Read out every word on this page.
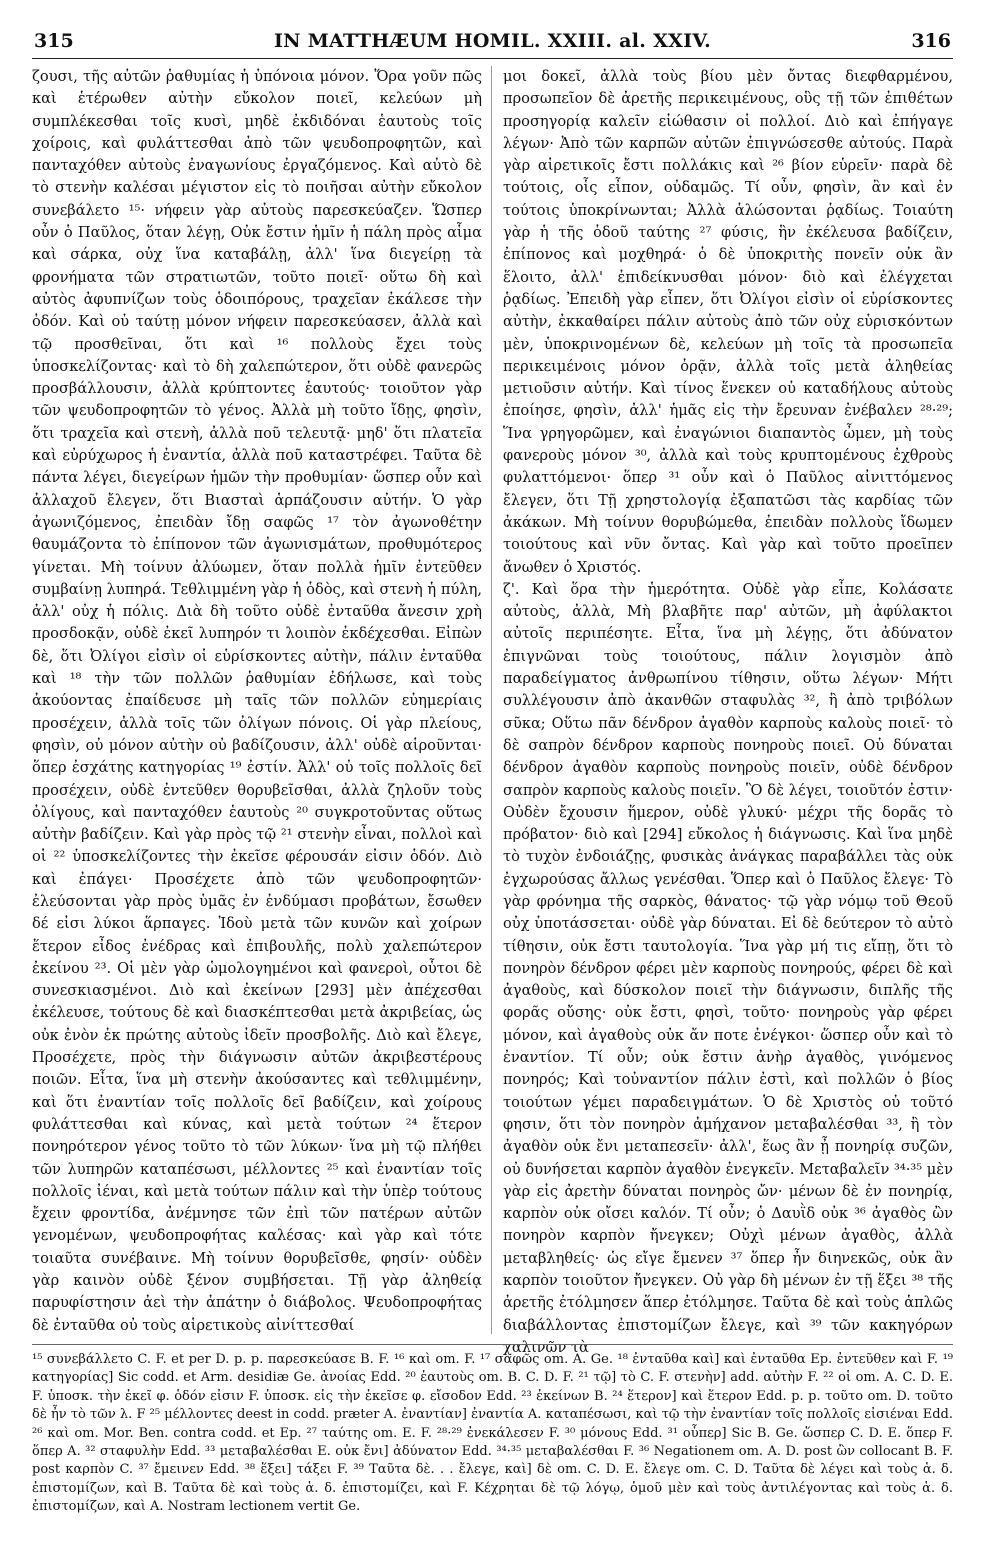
315	IN MATTHÆUM HOMIL. XXIII. al. XXIV.	316

ζουσι, τῆς αὐτῶν ῥαθυμίας ἡ ὑπόνοια μόνον. Ὅρα γοῦν πῶς καὶ ἑτέρωθεν αὐτὴν εὔκολον ποιεῖ, κελεύων μὴ συμπλέκεσθαι τοῖς κυσὶ, μηδὲ ἐκδιδόναι ἑαυτοὺς τοῖς χοίροις, καὶ φυλάττεσθαι ἀπὸ τῶν ψευδοπροφητῶν, καὶ πανταχόθεν αὐτοὺς ἐναγωνίους ἐργαζόμενος. Καὶ αὐτὸ δὲ τὸ στενὴν καλέσαι μέγιστον εἰς τὸ ποιῆσαι αὐτὴν εὔκολον συνεβάλετο ¹⁵· νήφειν γὰρ αὐτοὺς παρεσκεύαζεν. Ὥσπερ οὖν ὁ Παῦλος, ὅταν λέγῃ, Οὐκ ἔστιν ἡμῖν ἡ πάλη πρὸς αἷμα καὶ σάρκα, οὐχ ἵνα καταβάλῃ, ἀλλ' ἵνα διεγείρῃ τὰ φρονήματα τῶν στρατιωτῶν, τοῦτο ποιεῖ· οὕτω δὴ καὶ αὐτὸς ἀφυπνίζων τοὺς ὁδοιπόρους, τραχεῖαν ἐκάλεσε τὴν ὁδόν. Καὶ οὐ ταύτῃ μόνον νήφειν παρεσκεύασεν, ἀλλὰ καὶ τῷ προσθεῖναι, ὅτι καὶ ¹⁶ πολλοὺς ἔχει τοὺς ὑποσκελίζοντας· καὶ τὸ δὴ χαλεπώτερον, ὅτι οὐδὲ φανερῶς προσβάλλουσιν, ἀλλὰ κρύπτοντες ἑαυτούς· τοιοῦτον γὰρ τῶν ψευδοπροφητῶν τὸ γένος. Ἀλλὰ μὴ τοῦτο ἴδῃς, φησὶν, ὅτι τραχεῖα καὶ στενὴ, ἀλλὰ ποῦ τελευτᾷ· μηδ' ὅτι πλατεῖα καὶ εὐρύχωρος ἡ ἐναντία, ἀλλὰ ποῦ καταστρέφει. Ταῦτα δὲ πάντα λέγει, διεγείρων ἡμῶν τὴν προθυμίαν· ὥσπερ οὖν καὶ ἀλλαχοῦ ἔλεγεν, ὅτι Βιασταὶ ἁρπάζουσιν αὐτήν. Ὁ γὰρ ἀγωνιζόμενος, ἐπειδὰν ἴδῃ σαφῶς ¹⁷ τὸν ἀγωνοθέτην θαυμάζοντα τὸ ἐπίπονον τῶν ἀγωνισμάτων, προθυμότερος γίνεται. Μὴ τοίνυν ἀλύωμεν, ὅταν πολλὰ ἡμῖν ἐντεῦθεν συμβαίνῃ λυπηρά. Τεθλιμμένη γὰρ ἡ ὁδὸς, καὶ στενὴ ἡ πύλη, ἀλλ' οὐχ ἡ πόλις. Διὰ δὴ τοῦτο οὐδὲ ἐνταῦθα ἄνεσιν χρὴ προσδοκᾷν, οὐδὲ ἐκεῖ λυπηρόν τι λοιπὸν ἐκδέχεσθαι. Εἰπὼν δὲ, ὅτι Ὀλίγοι εἰσὶν οἱ εὑρίσκοντες αὐτὴν, πάλιν ἐνταῦθα καὶ ¹⁸ τὴν τῶν πολλῶν ῥαθυμίαν ἐδήλωσε, καὶ τοὺς ἀκούοντας ἐπαίδευσε μὴ ταῖς τῶν πολλῶν εὐημερίαις προσέχειν, ἀλλὰ τοῖς τῶν ὀλίγων πόνοις. Οἱ γὰρ πλείους, φησὶν, οὐ μόνον αὐτὴν οὐ βαδίζουσιν, ἀλλ' οὐδὲ αἱροῦνται· ὅπερ ἐσχάτης κατηγορίας ¹⁹ ἐστίν. Ἀλλ' οὐ τοῖς πολλοῖς δεῖ προσέχειν, οὐδὲ ἐντεῦθεν θορυβεῖσθαι, ἀλλὰ ζηλοῦν τοὺς ὀλίγους, καὶ πανταχόθεν ἑαυτοὺς ²⁰ συγκροτοῦντας οὕτως αὐτὴν βαδίζειν. Καὶ γὰρ πρὸς τῷ ²¹ στενὴν εἶναι, πολλοὶ καὶ οἱ ²² ὑποσκελίζοντες τὴν ἐκεῖσε φέρουσάν εἰσιν ὁδόν. Διὸ καὶ ἐπάγει· Προσέχετε ἀπὸ τῶν ψευδοπροφητῶν· ἐλεύσονται γὰρ πρὸς ὑμᾶς ἐν ἐνδύμασι προβάτων, ἔσωθεν δέ εἰσι λύκοι ἅρπαγες. Ἰδοὺ μετὰ τῶν κυνῶν καὶ χοίρων ἕτερον εἶδος ἐνέδρας καὶ ἐπιβουλῆς, πολὺ χαλεπώτερον ἐκείνου ²³. Οἱ μὲν γὰρ ὡμολογημένοι καὶ φανεροὶ, οὗτοι δὲ συνεσκιασμένοι. Διὸ καὶ ἐκείνων [293] μὲν ἀπέχεσθαι ἐκέλευσε, τούτους δὲ καὶ διασκέπτεσθαι μετὰ ἀκριβείας, ὡς οὐκ ἐνὸν ἐκ πρώτης αὐτοὺς ἰδεῖν προσβολῆς. Διὸ καὶ ἔλεγε, Προσέχετε, πρὸς τὴν διάγνωσιν αὐτῶν ἀκριβεστέρους ποιῶν. Εἶτα, ἵνα μὴ στενὴν ἀκούσαντες καὶ τεθλιμμένην, καὶ ὅτι ἐναντίαν τοῖς πολλοῖς δεῖ βαδίζειν, καὶ χοίρους φυλάττεσθαι καὶ κύνας, καὶ μετὰ τούτων ²⁴ ἕτερον πονηρότερον γένος τοῦτο τὸ τῶν λύκων· ἵνα μὴ τῷ πλήθει τῶν λυπηρῶν καταπέσωσι, μέλλοντες ²⁵ καὶ ἐναντίαν τοῖς πολλοῖς ἰέναι, καὶ μετὰ τούτων πάλιν καὶ τὴν ὑπὲρ τούτους ἔχειν φροντίδα, ἀνέμνησε τῶν ἐπὶ τῶν πατέρων αὐτῶν γενομένων, ψευδοπροφήτας καλέσας· καὶ γὰρ καὶ τότε τοιαῦτα συνέβαινε. Μὴ τοίνυν θορυβεῖσθε, φησίν· οὐδὲν γὰρ καινὸν οὐδὲ ξένον συμβήσεται. Τῇ γὰρ ἀληθείᾳ παρυφίστησιν ἀεὶ τὴν ἀπάτην ὁ διάβολος. Ψευδοπροφήτας δὲ ἐνταῦθα οὐ τοὺς αἱρετικοὺς αἰνίττεσθαί

μοι δοκεῖ, ἀλλὰ τοὺς βίου μὲν ὄντας διεφθαρμένου, προσωπεῖον δὲ ἀρετῆς περικειμένους, οὓς τῇ τῶν ἐπιθέτων προσηγορίᾳ καλεῖν εἰώθασιν οἱ πολλοί. Διὸ καὶ ἐπήγαγε λέγων· Ἀπὸ τῶν καρπῶν αὐτῶν ἐπιγνώσεσθε αὐτούς. Παρὰ γὰρ αἱρετικοῖς ἔστι πολλάκις καὶ ²⁶ βίον εὑρεῖν· παρὰ δὲ τούτοις, οἷς εἶπον, οὐδαμῶς. Τί οὖν, φησὶν, ἂν καὶ ἐν τούτοις ὑποκρίνωνται; Ἀλλὰ ἁλώσονται ῥᾳδίως. Τοιαύτη γὰρ ἡ τῆς ὁδοῦ ταύτης ²⁷ φύσις, ἣν ἐκέλευσα βαδίζειν, ἐπίπονος καὶ μοχθηρά· ὁ δὲ ὑποκριτὴς πονεῖν οὐκ ἂν ἕλοιτο, ἀλλ' ἐπιδείκνυσθαι μόνον· διὸ καὶ ἐλέγχεται ῥᾳδίως. Ἐπειδὴ γὰρ εἶπεν, ὅτι Ὀλίγοι εἰσὶν οἱ εὑρίσκοντες αὐτὴν, ἐκκαθαίρει πάλιν αὐτοὺς ἀπὸ τῶν οὐχ εὑρισκόντων μὲν, ὑποκρινομένων δὲ, κελεύων μὴ τοῖς τὰ προσωπεῖα περικειμένοις μόνον ὁρᾷν, ἀλλὰ τοῖς μετὰ ἀληθείας μετιοῦσιν αὐτήν. Καὶ τίνος ἕνεκεν οὐ καταδήλους αὐτοὺς ἐποίησε, φησὶν, ἀλλ' ἡμᾶς εἰς τὴν ἔρευναν ἐνέβαλεν ²⁸·²⁹; Ἵνα γρηγορῶμεν, καὶ ἐναγώνιοι διαπαντὸς ὦμεν, μὴ τοὺς φανεροὺς μόνον ³⁰, ἀλλὰ καὶ τοὺς κρυπτομένους ἐχθροὺς φυλαττόμενοι· ὅπερ ³¹ οὖν καὶ ὁ Παῦλος αἰνιττόμενος ἔλεγεν, ὅτι Τῇ χρηστολογίᾳ ἐξαπατῶσι τὰς καρδίας τῶν ἀκάκων. Μὴ τοίνυν θορυβώμεθα, ἐπειδὰν πολλοὺς ἴδωμεν τοιούτους καὶ νῦν ὄντας. Καὶ γὰρ καὶ τοῦτο προεῖπεν ἄνωθεν ὁ Χριστός.
ζ'. Καὶ ὅρα τὴν ἡμερότητα. Οὐδὲ γὰρ εἶπε, Κολάσατε αὐτοὺς, ἀλλὰ, Μὴ βλαβῆτε παρ' αὐτῶν, μὴ ἀφύλακτοι αὐτοῖς περιπέσητε. Εἶτα, ἵνα μὴ λέγῃς, ὅτι ἀδύνατον ἐπιγνῶναι τοὺς τοιούτους, πάλιν λογισμὸν ἀπὸ παραδείγματος ἀνθρωπίνου τίθησιν, οὕτω λέγων· Μήτι συλλέγουσιν ἀπὸ ἀκανθῶν σταφυλὰς ³², ἢ ἀπὸ τριβόλων σῦκα; Οὕτω πᾶν δένδρον ἀγαθὸν καρποὺς καλοὺς ποιεῖ· τὸ δὲ σαπρὸν δένδρον καρποὺς πονηροὺς ποιεῖ. Οὐ δύναται δένδρον ἀγαθὸν καρποὺς πονηροὺς ποιεῖν, οὐδὲ δένδρον σαπρὸν καρποὺς καλοὺς ποιεῖν. Ὃ δὲ λέγει, τοιοῦτόν ἐστιν· Οὐδὲν ἔχουσιν ἥμερον, οὐδὲ γλυκύ· μέχρι τῆς δορᾶς τὸ πρόβατον· διὸ καὶ [294] εὔκολος ἡ διάγνωσις. Καὶ ἵνα μηδὲ τὸ τυχὸν ἐνδοιάζῃς, φυσικὰς ἀνάγκας παραβάλλει τὰς οὐκ ἐγχωρούσας ἄλλως γενέσθαι. Ὅπερ καὶ ὁ Παῦλος ἔλεγε· Τὸ γὰρ φρόνημα τῆς σαρκὸς, θάνατος· τῷ γὰρ νόμῳ τοῦ Θεοῦ οὐχ ὑποτάσσεται· οὐδὲ γὰρ δύναται. Εἰ δὲ δεύτερον τὸ αὐτὸ τίθησιν, οὐκ ἔστι ταυτολογία. Ἵνα γὰρ μή τις εἴπῃ, ὅτι τὸ πονηρὸν δένδρον φέρει μὲν καρποὺς πονηρούς, φέρει δὲ καὶ ἀγαθοὺς, καὶ δύσκολον ποιεῖ τὴν διάγνωσιν, διπλῆς τῆς φορᾶς οὔσης· οὐκ ἔστι, φησὶ, τοῦτο· πονηροὺς γὰρ φέρει μόνον, καὶ ἀγαθοὺς οὐκ ἄν ποτε ἐνέγκοι· ὥσπερ οὖν καὶ τὸ ἐναντίον. Τί οὖν; οὐκ ἔστιν ἀνὴρ ἀγαθὸς, γινόμενος πονηρός; Καὶ τοὐναντίον πάλιν ἐστὶ, καὶ πολλῶν ὁ βίος τοιούτων γέμει παραδειγμάτων. Ὁ δὲ Χριστὸς οὐ τοῦτό φησιν, ὅτι τὸν πονηρὸν ἀμήχανον μεταβαλέσθαι ³³, ἢ τὸν ἀγαθὸν οὐκ ἔνι μεταπεσεῖν· ἀλλ', ἕως ἂν ᾖ πονηρίᾳ συζῶν, οὐ δυνήσεται καρπὸν ἀγαθὸν ἐνεγκεῖν. Μεταβαλεῖν ³⁴·³⁵ μὲν γὰρ εἰς ἀρετὴν δύναται πονηρὸς ὤν· μένων δὲ ἐν πονηρίᾳ, καρπὸν οὐκ οἴσει καλόν. Τί οὖν; ὁ Δαυῒδ οὐκ ³⁶ ἀγαθὸς ὢν πονηρὸν καρπὸν ἤνεγκεν; Οὐχὶ μένων ἀγαθὸς, ἀλλὰ μεταβληθείς· ὡς εἴγε ἔμενεν ³⁷ ὅπερ ἦν διηνεκῶς, οὐκ ἂν καρπὸν τοιοῦτον ἤνεγκεν. Οὐ γὰρ δὴ μένων ἐν τῇ ἕξει ³⁸ τῆς ἀρετῆς ἐτόλμησεν ἅπερ ἐτόλμησε. Ταῦτα δὲ καὶ τοὺς ἁπλῶς διαβάλλοντας ἐπιστομίζων ἔλεγε, καὶ ³⁹ τῶν κακηγόρων χαλινῶν τὰ

¹⁵ συνεβάλλετο C. F. et per D. p. p. παρεσκεύασε B. F. ¹⁶ καὶ om. F. ¹⁷ σαφῶς om. A. Ge. ¹⁸ ἐνταῦθα καὶ] καὶ ἐνταῦθα Ep. ἐντεῦθεν καὶ F. ¹⁹ κατηγορίας] Sic codd. et Arm. desidiæ Ge. ἀνοίας Edd. ²⁰ ἑαυτοὺς om. B. C. D. F. ²¹ τῷ] τὸ C. F. στενὴν] add. αὐτὴν F. ²² οἱ om. A. C. D. E. F. ὑποσκ. τὴν ἐκεῖ φ. ὁδόν εἰσιν F. ὑποσκ. εἰς τὴν ἐκεῖσε φ. εἴσοδον Edd. ²³ ἐκείνων B. ²⁴ ἕτερον] καὶ ἕτερον Edd. p. p. τοῦτο om. D. τοῦτο δὲ ἦν τὸ τῶν λ. F ²⁵ μέλλοντες deest in codd. præter A. ἐναντίαν] ἐναντία A. καταπέσωσι, καὶ τῷ τὴν ἐναντίαν τοῖς πολλοῖς εἰσιέναι Edd. ²⁶ καὶ om. Mor. Ben. contra codd. et Ep. ²⁷ ταύτης om. E. F. ²⁸·²⁹ ἐνεκάλεσεν F. ³⁰ μόνους Edd. ³¹ οὗπερ] Sic B. Ge. ὥσπερ C. D. E. ὅπερ F. ὅπερ A. ³² σταφυλὴν Edd. ³³ μεταβαλέσθαι E. οὐκ ἔνι] ἀδύνατον Edd. ³⁴·³⁵ μεταβαλέσθαι F. ³⁶ Negationem om. A. D. post ὢν collocant B. F. post καρπὸν C. ³⁷ ἔμεινεν Edd. ³⁸ ἕξει] τάξει F. ³⁹ Ταῦτα δὲ. . . ἔλεγε, καὶ] δὲ om. C. D. E. ἔλεγε om. C. D. Ταῦτα δὲ λέγει καὶ τοὺς ἁ. δ. ἐπιστομίζων, καὶ B. Ταῦτα δὲ καὶ τοὺς ἁ. δ. ἐπιστομίζει, καὶ F. Κέχρηται δὲ τῷ λόγῳ, ὁμοῦ μὲν καὶ τοὺς ἀντιλέγοντας καὶ τοὺς ἁ. δ. ἐπιστομίζων, καὶ A. Nostram lectionem vertit Ge.
